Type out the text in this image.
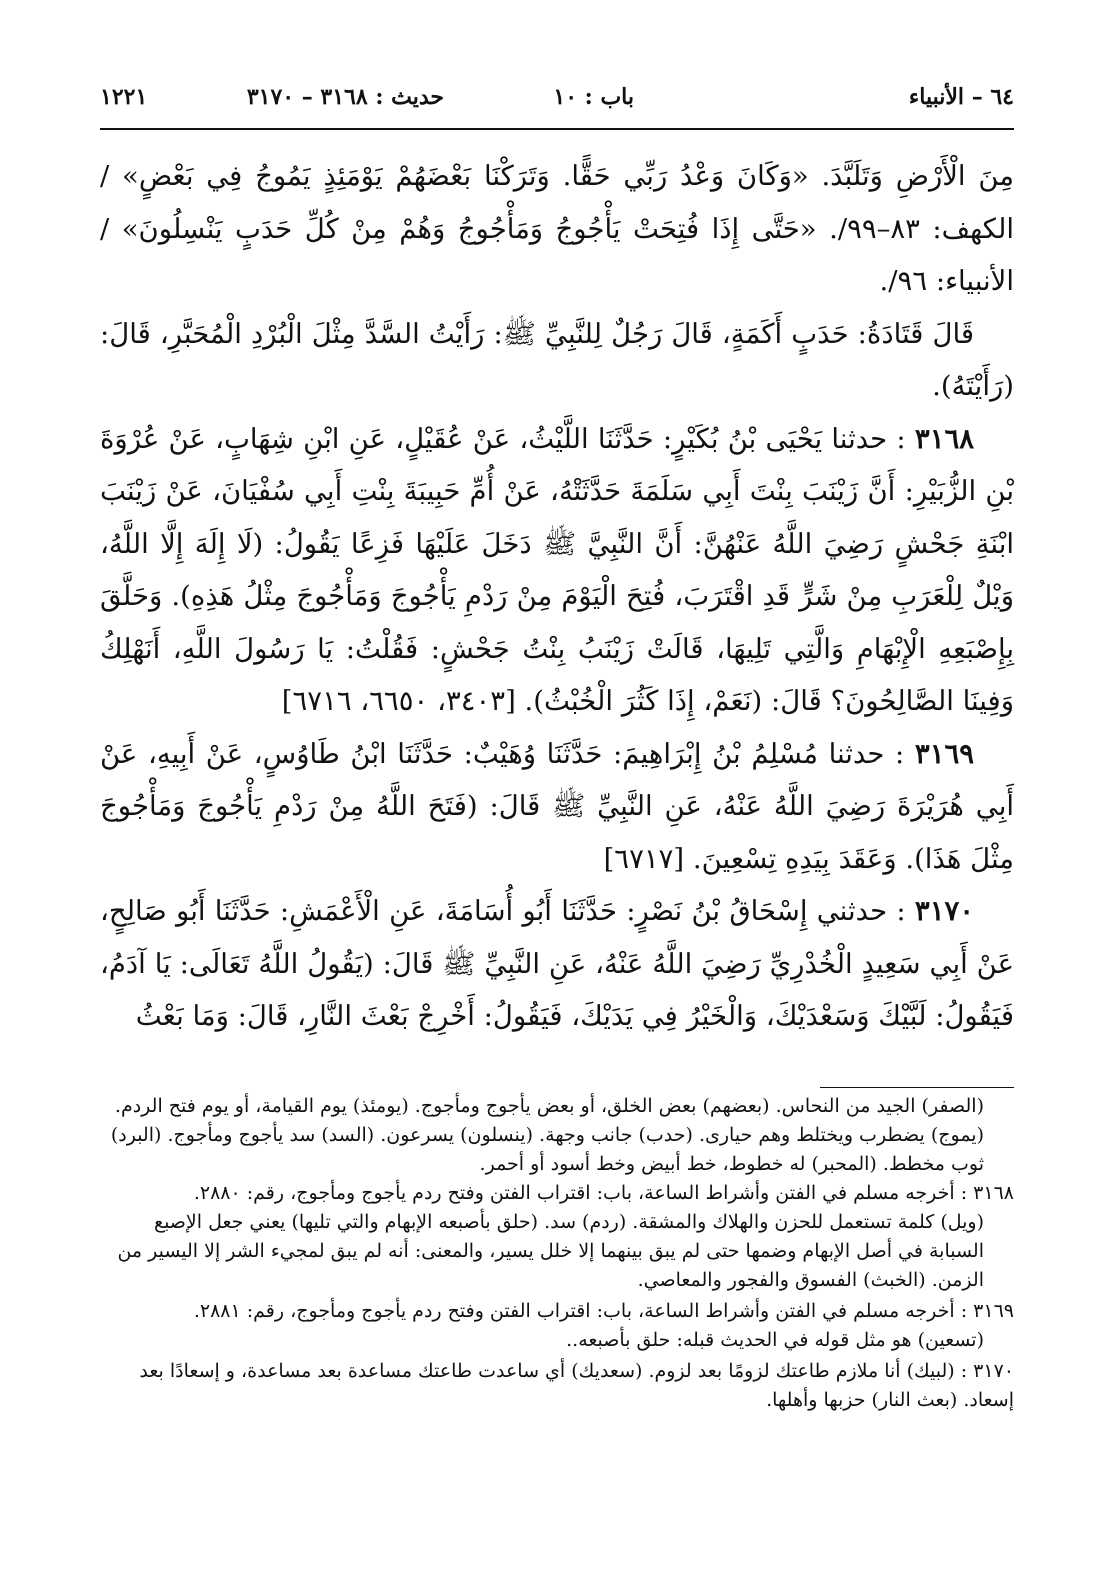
٦٤ – الأنبياء
باب : ١٠
حديث : ٣١٦٨ – ٣١٧٠
١٢٢١

مِنَ الْأَرْضِ وَتَلَبَّدَ. «وَكَانَ وَعْدُ رَبِّي حَقًّا. وَتَرَكْنَا بَعْضَهُمْ يَوْمَئِذٍ يَمُوجُ فِي بَعْضٍ» /الكهف: ٨٣–٩٩/. «حَتَّى إِذَا فُتِحَتْ يَأْجُوجُ وَمَأْجُوجُ وَهُمْ مِنْ كُلِّ حَدَبٍ يَنْسِلُونَ» /الأنبياء: ٩٦/.

قَالَ قَتَادَةُ: حَدَبٍ أَكَمَةٍ، قَالَ رَجُلٌ لِلنَّبِيِّ ﷺ: رَأَيْتُ السَّدَّ مِثْلَ الْبُرْدِ الْمُحَبَّرِ، قَالَ: (رَأَيْتَهُ).

٣١٦٨ : حدثنا يَحْيَى بْنُ بُكَيْرٍ: حَدَّثَنَا اللَّيْثُ، عَنْ عُقَيْلٍ، عَنِ ابْنِ شِهَابٍ، عَنْ عُرْوَةَ بْنِ الزُّبَيْرِ: أَنَّ زَيْنَبَ بِنْتَ أَبِي سَلَمَةَ حَدَّثَتْهُ، عَنْ أُمِّ حَبِيبَةَ بِنْتِ أَبِي سُفْيَانَ، عَنْ زَيْنَبَ ابْنَةِ جَحْشٍ رَضِيَ اللَّهُ عَنْهُنَّ: أَنَّ النَّبِيَّ ﷺ دَخَلَ عَلَيْهَا فَزِعًا يَقُولُ: (لَا إِلَهَ إِلَّا اللَّهُ، وَيْلٌ لِلْعَرَبِ مِنْ شَرٍّ قَدِ اقْتَرَبَ، فُتِحَ الْيَوْمَ مِنْ رَدْمِ يَأْجُوجَ وَمَأْجُوجَ مِثْلُ هَذِهِ). وَحَلَّقَ بِإِصْبَعِهِ الْإِبْهَامِ وَالَّتِي تَلِيهَا، قَالَتْ زَيْنَبُ بِنْتُ جَحْشٍ: فَقُلْتُ: يَا رَسُولَ اللَّهِ، أَنَهْلِكُ وَفِينَا الصَّالِحُونَ؟ قَالَ: (نَعَمْ، إِذَا كَثُرَ الْخُبْثُ). [٣٤٠٣، ٦٦٥٠، ٦٧١٦]

٣١٦٩ : حدثنا مُسْلِمُ بْنُ إِبْرَاهِيمَ: حَدَّثَنَا وُهَيْبٌ: حَدَّثَنَا ابْنُ طَاوُسٍ، عَنْ أَبِيهِ، عَنْ أَبِي هُرَيْرَةَ رَضِيَ اللَّهُ عَنْهُ، عَنِ النَّبِيِّ ﷺ قَالَ: (فَتَحَ اللَّهُ مِنْ رَدْمِ يَأْجُوجَ وَمَأْجُوجَ مِثْلَ هَذَا). وَعَقَدَ بِيَدِهِ تِسْعِينَ. [٦٧١٧]

٣١٧٠ : حدثني إِسْحَاقُ بْنُ نَصْرٍ: حَدَّثَنَا أَبُو أُسَامَةَ، عَنِ الْأَعْمَشِ: حَدَّثَنَا أَبُو صَالِحٍ، عَنْ أَبِي سَعِيدٍ الْخُدْرِيِّ رَضِيَ اللَّهُ عَنْهُ، عَنِ النَّبِيِّ ﷺ قَالَ: (يَقُولُ اللَّهُ تَعَالَى: يَا آدَمُ، فَيَقُولُ: لَبَّيْكَ وَسَعْدَيْكَ، وَالْخَيْرُ فِي يَدَيْكَ، فَيَقُولُ: أَخْرِجْ بَعْثَ النَّارِ، قَالَ: وَمَا بَعْثُ

(الصفر) الجيد من النحاس. (بعضهم) بعض الخلق، أو بعض يأجوج ومأجوج. (يومئذ) يوم القيامة، أو يوم فتح الردم. (يموج) يضطرب ويختلط وهم حيارى. (حدب) جانب وجهة. (ينسلون) يسرعون. (السد) سد يأجوج ومأجوج. (البرد) ثوب مخطط. (المحبر) له خطوط، خط أبيض وخط أسود أو أحمر.

٣١٦٨ : أخرجه مسلم في الفتن وأشراط الساعة، باب: اقتراب الفتن وفتح ردم يأجوج ومأجوج، رقم: ٢٨٨٠.

(ويل) كلمة تستعمل للحزن والهلاك والمشقة. (ردم) سد. (حلق بأصبعه الإبهام والتي تليها) يعني جعل الإصبع السبابة في أصل الإبهام وضمها حتى لم يبق بينهما إلا خلل يسير، والمعنى: أنه لم يبق لمجيء الشر إلا اليسير من الزمن. (الخبث) الفسوق والفجور والمعاصي.

٣١٦٩ : أخرجه مسلم في الفتن وأشراط الساعة، باب: اقتراب الفتن وفتح ردم يأجوج ومأجوج، رقم: ٢٨٨١.

(تسعين) هو مثل قوله في الحديث قبله: حلق بأصبعه..

٣١٧٠ : (لبيك) أنا ملازم طاعتك لزومًا بعد لزوم. (سعديك) أي ساعدت طاعتك مساعدة بعد مساعدة، و إسعادًا بعد إسعاد. (بعث النار) حزبها وأهلها.
